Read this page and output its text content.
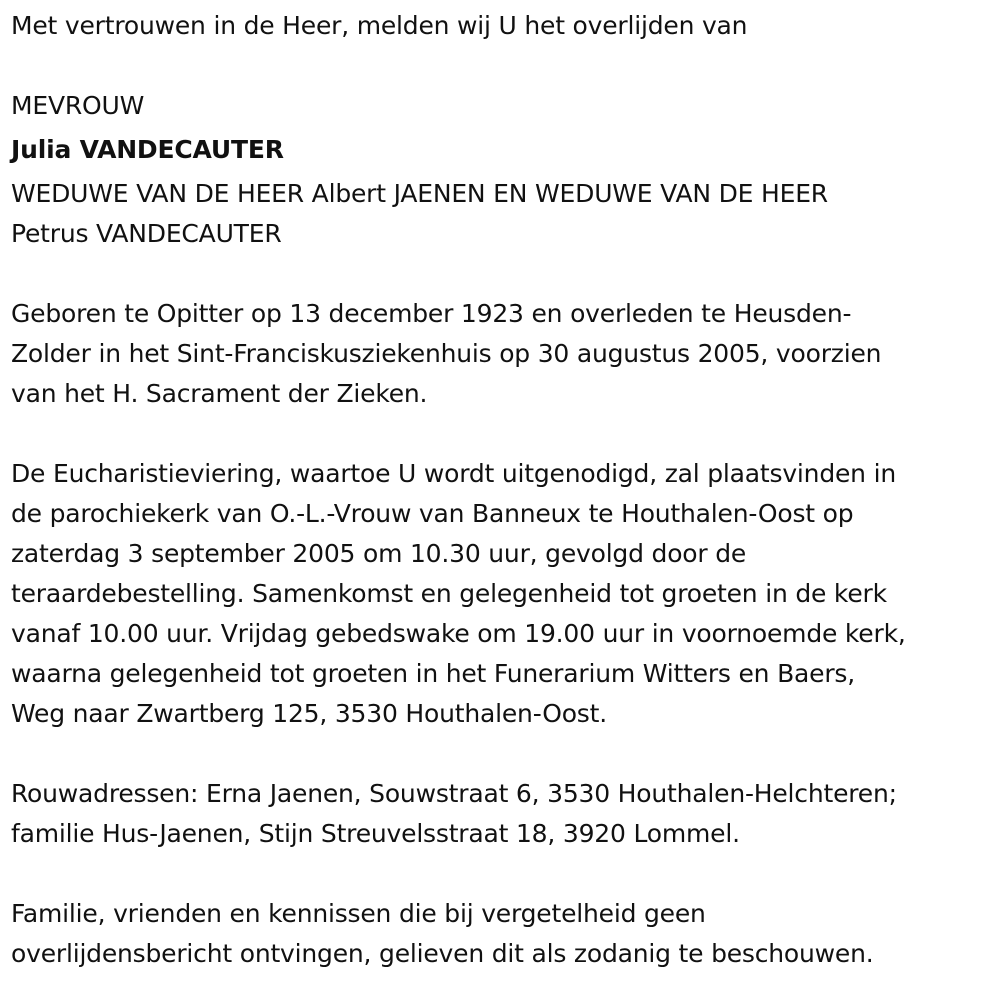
Met vertrouwen in de Heer, melden wij U het overlijden van
MEVROUW
Julia VANDECAUTER
WEDUWE VAN DE HEER Albert JAENEN EN WEDUWE VAN DE HEER
Petrus VANDECAUTER
Geboren te Opitter op 13 december 1923 en overleden te Heusden-
Zolder in het Sint-Franciskusziekenhuis op 30 augustus 2005, voorzien
van het H. Sacrament der Zieken.
De Eucharistieviering, waartoe U wordt uitgenodigd, zal plaatsvinden in
de parochiekerk van O.-L.-Vrouw van Banneux te Houthalen-Oost op
zaterdag 3 september 2005 om 10.30 uur, gevolgd door de
teraardebestelling. Samenkomst en gelegenheid tot groeten in de kerk
vanaf 10.00 uur. Vrijdag gebedswake om 19.00 uur in voornoemde kerk,
waarna gelegenheid tot groeten in het Funerarium Witters en Baers,
Weg naar Zwartberg 125, 3530 Houthalen-Oost.
Rouwadressen: Erna Jaenen, Souwstraat 6, 3530 Houthalen-Helchteren;
familie Hus-Jaenen, Stijn Streuvelsstraat 18, 3920 Lommel.
Familie, vrienden en kennissen die bij vergetelheid geen
overlijdensbericht ontvingen, gelieven dit als zodanig te beschouwen.
